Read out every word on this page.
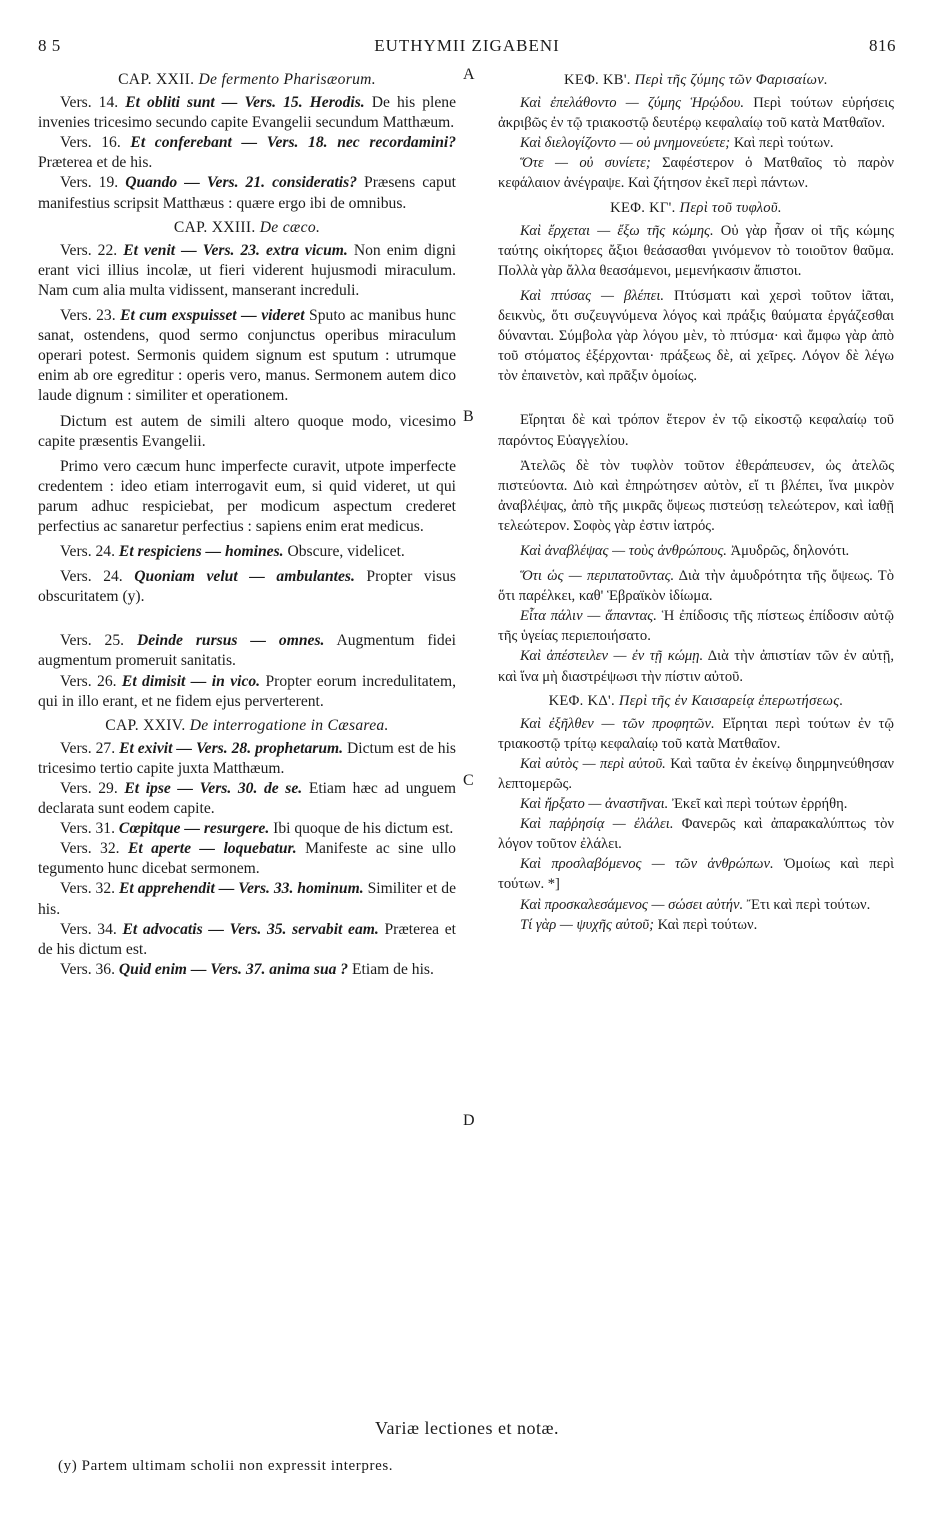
8 5	EUTHYMII ZIGABENI	816
A
B
C
D
CAP. XXII. De fermento Pharisæorum.

Vers. 14. Et obliti sunt — Vers. 15. Herodis. De his plene invenies tricesimo secundo capite Evangelii secundum Matthæum.

Vers. 16. Et conferebant — Vers. 18. nec recordamini? Præterea et de his.

Vers. 19. Quando — Vers. 21. consideratis? Præsens caput manifestius scripsit Matthæus : quære ergo ibi de omnibus.

CAP. XXIII. De cæco.

Vers. 22. Et venit — Vers. 23. extra vicum. Non enim digni erant vici illius incolæ, ut fieri viderent hujusmodi miraculum. Nam cum alia multa vidissent, manserant increduli.

Vers. 23. Et cum exspuisset — videret Sputo ac manibus hunc sanat, ostendens, quod sermo conjunctus operibus miraculum operari potest. Sermonis quidem signum est sputum : utrumque enim ab ore egreditur : operis vero, manus. Sermonem autem dico laude dignum : similiter et operationem.

Dictum est autem de simili altero quoque modo, vicesimo capite præsentis Evangelii.

Primo vero cæcum hunc imperfecte curavit, utpote imperfecte credentem : ideo etiam interrogavit eum, si quid videret, ut qui parum adhuc respiciebat, per modicum aspectum crederet perfectius ac sanaretur perfectius : sapiens enim erat medicus.

Vers. 24. Et respiciens — homines. Obscure, videlicet.

Vers. 24. Quoniam velut — ambulantes. Propter visus obscuritatem (y).

Vers. 25. Deinde rursus — omnes. Augmentum fidei augmentum promeruit sanitatis.

Vers. 26. Et dimisit — in vico. Propter eorum incredulitatem, qui in illo erant, et ne fidem ejus perverterent.

CAP. XXIV. De interrogatione in Cæsarea.

Vers. 27. Et exivit — Vers. 28. prophetarum. Dictum est de his tricesimo tertio capite juxta Matthæum.

Vers. 29. Et ipse — Vers. 30. de se. Etiam hæc ad unguem declarata sunt eodem capite.

Vers. 31. Cœpitque — resurgere. Ibi quoque de his dictum est.

Vers. 32. Et aperte — loquebatur. Manifeste ac sine ullo tegumento hunc dicebat sermonem.

Vers. 32. Et apprehendit — Vers. 33. hominum. Similiter et de his.

Vers. 34. Et advocatis — Vers. 35. servabit eam. Præterea et de his dictum est.

Vers. 36. Quid enim — Vers. 37. anima sua ? Etiam de his.

ΚΕΦ. ΚΒ'. Περὶ τῆς ζύμης τῶν Φαρισαίων.

Καὶ ἐπελάθοντο — ζύμης Ἡρῴδου. Περὶ τούτων εὑρήσεις ἀκριβῶς ἐν τῷ τριακοστῷ δευτέρῳ κεφαλαίῳ τοῦ κατὰ Ματθαῖον.

Καὶ διελογίζοντο — οὐ μνημονεύετε; Καὶ περὶ τούτων.

Ὅτε — οὐ συνίετε; Σαφέστερον ὁ Ματθαῖος τὸ παρὸν κεφάλαιον ἀνέγραψε. Καὶ ζήτησον ἐκεῖ περὶ πάντων.

ΚΕΦ. ΚΓ'. Περὶ τοῦ τυφλοῦ.

Καὶ ἔρχεται — ἔξω τῆς κώμης. Οὐ γὰρ ἦσαν οἱ τῆς κώμης ταύτης οἰκήτορες ἄξιοι θεάσασθαι γινόμενον τὸ τοιοῦτον θαῦμα. Πολλὰ γὰρ ἄλλα θεασάμενοι, μεμενήκασιν ἄπιστοι.

Καὶ πτύσας — βλέπει. Πτύσματι καὶ χερσὶ τοῦτον ἰᾶται, δεικνὺς, ὅτι συζευγνύμενα λόγος καὶ πράξις θαύματα ἐργάζεσθαι δύνανται. Σύμβολα γὰρ λόγου μὲν, τὸ πτύσμα· καὶ ἄμφω γὰρ ἀπὸ τοῦ στόματος ἐξέρχονται· πράξεως δὲ, αἱ χεῖρες. Λόγον δὲ λέγω τὸν ἐπαινετὸν, καὶ πρᾶξιν ὁμοίως.

Εἴρηται δὲ καὶ τρόπον ἕτερον ἐν τῷ εἰκοστῷ κεφαλαίῳ τοῦ παρόντος Εὐαγγελίου.

Ἀτελῶς δὲ τὸν τυφλὸν τοῦτον ἐθεράπευσεν, ὡς ἀτελῶς πιστεύοντα. Διὸ καὶ ἐπηρώτησεν αὐτὸν, εἴ τι βλέπει, ἵνα μικρὸν ἀναβλέψας, ἀπὸ τῆς μικρᾶς ὄψεως πιστεύσῃ τελεώτερον, καὶ ἰαθῇ τελεώτερον. Σοφὸς γὰρ ἐστιν ἰατρός.

Καὶ ἀναβλέψας — τοὺς ἀνθρώπους. Ἀμυδρῶς, δηλονότι.

Ὅτι ὡς — περιπατοῦντας. Διὰ τὴν ἀμυδρότητα τῆς ὄψεως. Τὸ ὅτι παρέλκει, καθ' Ἑβραϊκὸν ἰδίωμα.

Εἶτα πάλιν — ἅπαντας. Ἡ ἐπίδοσις τῆς πίστεως ἐπίδοσιν αὐτῷ τῆς ὑγείας περιεποιήσατο.

Καὶ ἀπέστειλεν — ἐν τῇ κώμῃ. Διὰ τὴν ἀπιστίαν τῶν ἐν αὐτῇ, καὶ ἵνα μὴ διαστρέψωσι τὴν πίστιν αὐτοῦ.

ΚΕΦ. ΚΔ'. Περὶ τῆς ἐν Καισαρείᾳ ἐπερωτήσεως.

Καὶ ἐξῆλθεν — τῶν προφητῶν. Εἴρηται περὶ τούτων ἐν τῷ τριακοστῷ τρίτῳ κεφαλαίῳ τοῦ κατὰ Ματθαῖον.

Καὶ αὐτὸς — περὶ αὐτοῦ. Καὶ ταῦτα ἐν ἐκείνῳ διηρμηνεύθησαν λεπτομερῶς.

Καὶ ἤρξατο — ἀναστῆναι. Ἐκεῖ καὶ περὶ τούτων ἐρρήθη.

Καὶ παῤῥησίᾳ — ἐλάλει. Φανερῶς καὶ ἀπαρακαλύπτως τὸν λόγον τοῦτον ἐλάλει.

Καὶ προσλαβόμενος — τῶν ἀνθρώπων. Ὁμοίως καὶ περὶ τούτων. *]

Καὶ προσκαλεσάμενος — σώσει αὐτήν. Ἔτι καὶ περὶ τούτων.

Τί γὰρ — ψυχῆς αὐτοῦ; Καὶ περὶ τούτων.

Variæ lectiones et notæ.
(y) Partem ultimam scholii non expressit interpres.
